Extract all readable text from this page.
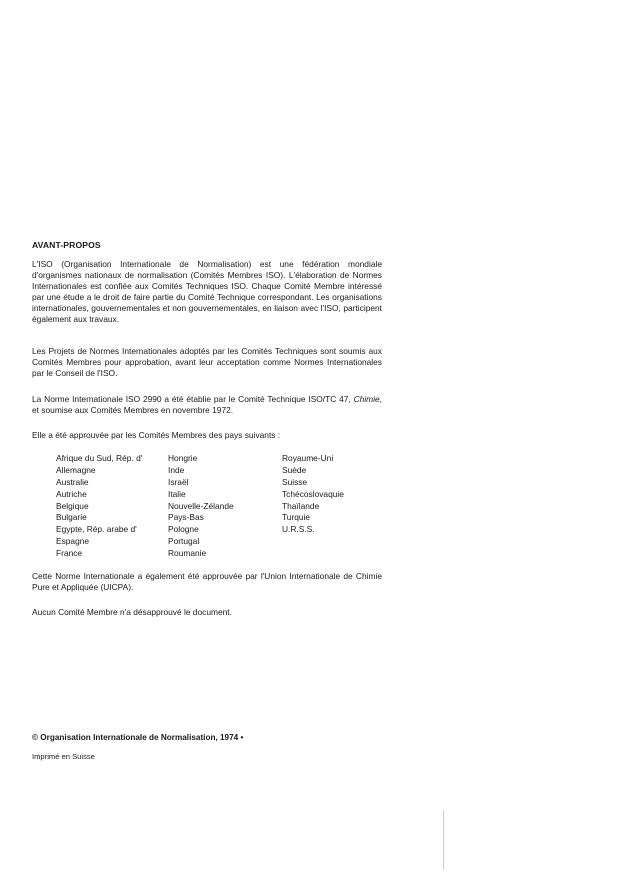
AVANT-PROPOS

L'ISO (Organisation Internationale de Normalisation) est une fédération mondiale d'organismes nationaux de normalisation (Comités Membres ISO). L'élaboration de Normes Internationales est confiée aux Comités Techniques ISO. Chaque Comité Membre intéressé par une étude a le droit de faire partie du Comité Technique correspondant. Les organisations internationales, gouvernementales et non gouvernementales, en liaison avec l'ISO, participent également aux travaux.

Les Projets de Normes Internationales adoptés par les Comités Techniques sont soumis aux Comités Membres pour approbation, avant leur acceptation comme Normes Internationales par le Conseil de l'ISO.

La Norme Internationale ISO 2990 a été établie par le Comité Technique ISO/TC 47, Chimie, et soumise aux Comités Membres en novembre 1972.

Elle a été approuvée par les Comités Membres des pays suivants :

Afrique du Sud, Rép. d'
Allemagne
Australie
Autriche
Belgique
Bulgarie
Egypte, Rép. arabe d'
Espagne
France
Hongrie
Inde
Israël
Italie
Nouvelle-Zélande
Pays-Bas
Pologne
Portugal
Roumanie
Royaume-Uni
Suède
Suisse
Tchécoslovaquie
Thaïlande
Turquie
U.R.S.S.

Cette Norme Internationale a également été approuvée par l'Union Internationale de Chimie Pure et Appliquée (UICPA).

Aucun Comité Membre n'a désapprouvé le document.

© Organisation Internationale de Normalisation, 1974 •
Imprimé en Suisse
